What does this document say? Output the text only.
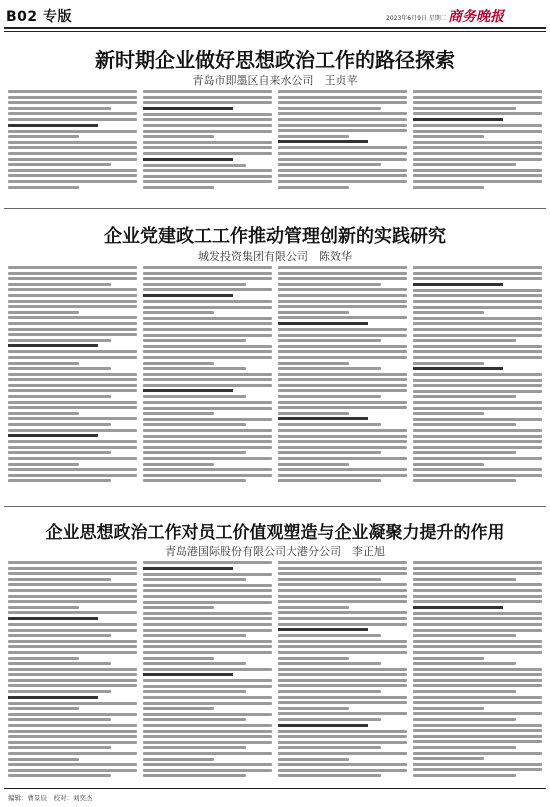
B02 专版	2023年6月9日 星期二 商务晚报
新时期企业做好思想政治工作的路径探索
青岛市即墨区自来水公司　王贞苹
企业党建政工工作推动管理创新的实践研究
城发投资集团有限公司　陈效华
企业思想政治工作对员工价值观塑造与企业凝聚力提升的作用
青岛港国际股份有限公司大港分公司　李正旭
编辑：曹景辰　校对：刘奕杰
